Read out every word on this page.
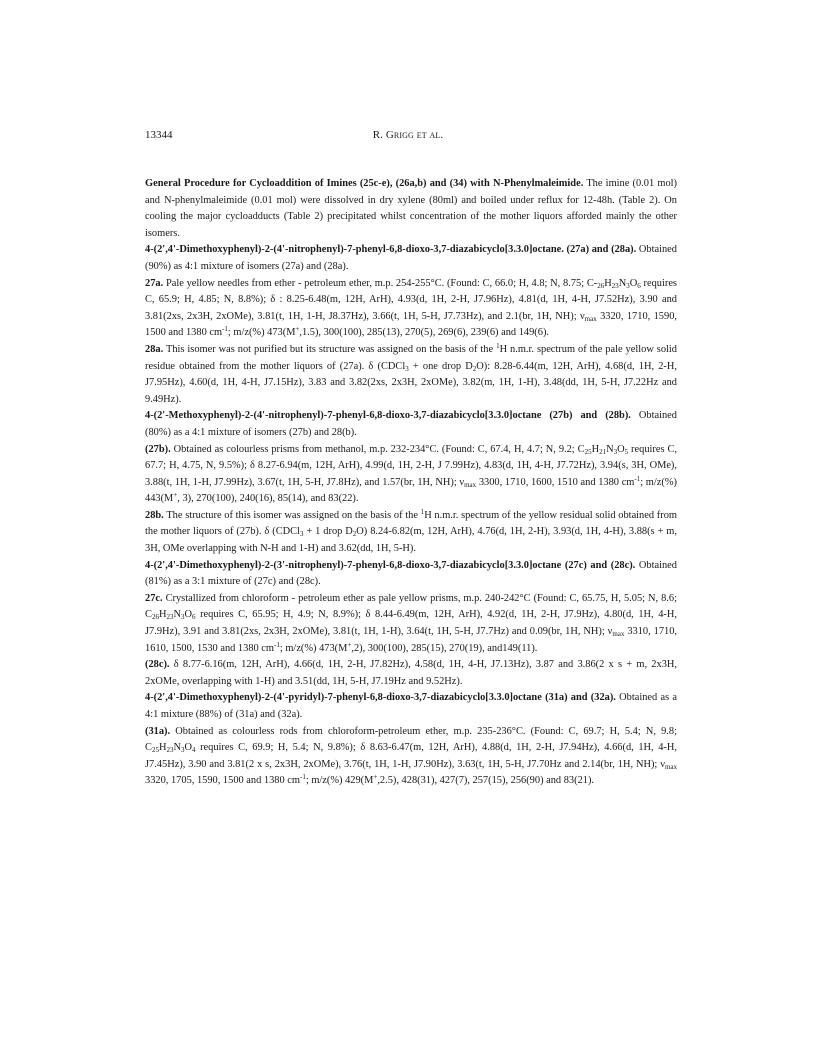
13344	R. Grigg et al.

General Procedure for Cycloaddition of Imines (25c-e), (26a,b) and (34) with N-Phenylmaleimide. The imine (0.01 mol) and N-phenylmaleimide (0.01 mol) were dissolved in dry xylene (80ml) and boiled under reflux for 12-48h. (Table 2). On cooling the major cycloadducts (Table 2) precipitated whilst concentration of the mother liquors afforded mainly the other isomers.

4-(2',4'-Dimethoxyphenyl)-2-(4'-nitrophenyl)-7-phenyl-6,8-dioxo-3,7-diazabicyclo[3.3.0]octane. (27a) and (28a). Obtained (90%) as 4:1 mixture of isomers (27a) and (28a).

27a. Pale yellow needles from ether - petroleum ether, m.p. 254-255°C. (Found: C, 66.0; H, 4.8; N, 8.75; $C-_{26}H_{23}N_3O_6$ requires C, 65.9; H, 4.85; N, 8.8%); δ : 8.25-6.48(m, 12H, ArH), 4.93(d, 1H, 2-H, J7.96Hz), 4.81(d, 1H, 4-H, J7.52Hz), 3.90 and 3.81(2xs, 2x3H, 2xOMe), 3.81(t, 1H, 1-H, J8.37Hz), 3.66(t, 1H, 5-H, J7.73Hz), and 2.1(br, 1H, NH); $\nu_{max}$ 3320, 1710, 1590, 1500 and 1380 $cm^{-1}$; m/z(%) 473(M+,1.5), 300(100), 285(13), 270(5), 269(6), 239(6) and 149(6).

28a. This isomer was not purified but its structure was assigned on the basis of the $^1$H n.m.r. spectrum of the pale yellow solid residue obtained from the mother liquors of (27a). δ (CDCl$_3$ + one drop $D_2O$): 8.28-6.44(m, 12H, ArH), 4.68(d, 1H, 2-H, J7.95Hz), 4.60(d, 1H, 4-H, J7.15Hz), 3.83 and 3.82(2xs, 2x3H, 2xOMe), 3.82(m, 1H, 1-H), 3.48(dd, 1H, 5-H, J7.22Hz and 9.49Hz).

4-(2'-Methoxyphenyl)-2-(4'-nitrophenyl)-7-phenyl-6,8-dioxo-3,7-diazabicyclo[3.3.0]octane (27b) and (28b). Obtained (80%) as a 4:1 mixture of isomers (27b) and 28(b).

(27b). Obtained as colourless prisms from methanol, m.p. 232-234°C. (Found: C, 67.4, H, 4.7; N, 9.2; $C_{25}H_{21}N_3O_5$ requires C, 67.7; H, 4.75, N, 9.5%); δ 8.27-6.94(m, 12H, ArH), 4.99(d, 1H, 2-H, J 7.99Hz), 4.83(d, 1H, 4-H, J7.72Hz), 3.94(s, 3H, OMe), 3.88(t, 1H, 1-H, J7.99Hz), 3.67(t, 1H, 5-H, J7.8Hz), and 1.57(br, 1H, NH); $\nu_{max}$ 3300, 1710, 1600, 1510 and 1380 $cm^{-1}$; m/z(%) 443(M+, 3), 270(100), 240(16), 85(14), and 83(22).

28b. The structure of this isomer was assigned on the basis of the $^1$H n.m.r. spectrum of the yellow residual solid obtained from the mother liquors of (27b). δ (CDCl$_3$ + 1 drop $D_2O$) 8.24-6.82(m, 12H, ArH), 4.76(d, 1H, 2-H), 3.93(d, 1H, 4-H), 3.88(s + m, 3H, OMe overlapping with N-H and 1-H) and 3.62(dd, 1H, 5-H).

4-(2',4'-Dimethoxyphenyl)-2-(3'-nitrophenyl)-7-phenyl-6,8-dioxo-3,7-diazabicyclo[3.3.0]octane (27c) and (28c). Obtained (81%) as a 3:1 mixture of (27c) and (28c).

27c. Crystallized from chloroform - petroleum ether as pale yellow prisms, m.p. 240-242°C (Found: C, 65.75, H, 5.05; N, 8.6; $C_{26}H_{23}N_3O_6$ requires C, 65.95; H, 4.9; N, 8.9%); δ 8.44-6.49(m, 12H, ArH), 4.92(d, 1H, 2-H, J7.9Hz), 4.80(d, 1H, 4-H, J7.9Hz), 3.91 and 3.81(2xs, 2x3H, 2xOMe), 3.81(t, 1H, 1-H), 3.64(t, 1H, 5-H, J7.7Hz) and 0.09(br, 1H, NH); $\nu_{max}$ 3310, 1710, 1610, 1500, 1530 and 1380 $cm^{-1}$; m/z(%) 473(M+,2), 300(100), 285(15), 270(19), and149(11).

(28c). δ 8.77-6.16(m, 12H, ArH), 4.66(d, 1H, 2-H, J7.82Hz), 4.58(d, 1H, 4-H, J7.13Hz), 3.87 and 3.86(2 x s + m, 2x3H, 2xOMe, overlapping with 1-H) and 3.51(dd, 1H, 5-H, J7.19Hz and 9.52Hz).

4-(2',4'-Dimethoxyphenyl)-2-(4'-pyridyl)-7-phenyl-6,8-dioxo-3,7-diazabicyclo[3.3.0]octane (31a) and (32a). Obtained as a 4:1 mixture (88%) of (31a) and (32a).

(31a). Obtained as colourless rods from chloroform-petroleum ether, m.p. 235-236°C. (Found: C, 69.7; H, 5.4; N, 9.8; $C_{25}H_{23}N_3O_4$ requires C, 69.9; H, 5.4; N, 9.8%); δ 8.63-6.47(m, 12H, ArH), 4.88(d, 1H, 2-H, J7.94Hz), 4.66(d, 1H, 4-H, J7.45Hz), 3.90 and 3.81(2 x s, 2x3H, 2xOMe), 3.76(t, 1H, 1-H, J7.90Hz), 3.63(t, 1H, 5-H, J7.70Hz and 2.14(br, 1H, NH); $\nu_{max}$ 3320, 1705, 1590, 1500 and 1380 $cm^{-1}$; m/z(%) 429(M+,2.5), 428(31), 427(7), 257(15), 256(90) and 83(21).
